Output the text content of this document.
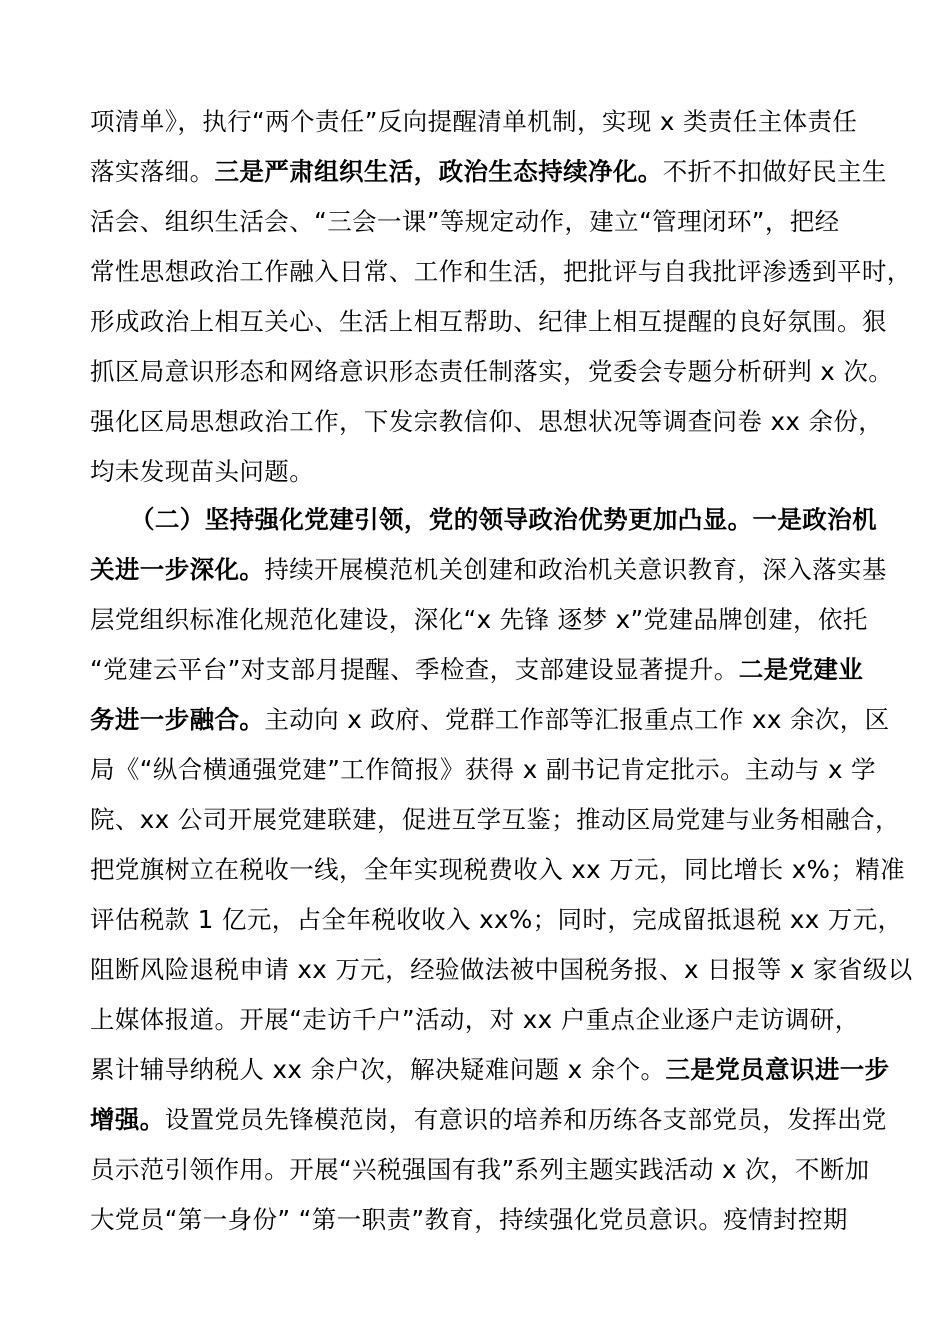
项清单》，执行“两个责任”反向提醒清单机制，实现 x 类责任主体责任
落实落细。三是严肃组织生活，政治生态持续净化。不折不扣做好民主生
活会、组织生活会、“三会一课”等规定动作，建立“管理闭环”，把经
常性思想政治工作融入日常、工作和生活，把批评与自我批评渗透到平时，
形成政治上相互关心、生活上相互帮助、纪律上相互提醒的良好氛围。狠
抓区局意识形态和网络意识形态责任制落实，党委会专题分析研判 x 次。
强化区局思想政治工作，下发宗教信仰、思想状况等调查问卷 xx 余份，
均未发现苗头问题。
（二）坚持强化党建引领，党的领导政治优势更加凸显。一是政治机
关进一步深化。持续开展模范机关创建和政治机关意识教育，深入落实基
层党组织标准化规范化建设，深化“x 先锋 逐梦 x”党建品牌创建，依托
“党建云平台”对支部月提醒、季检查，支部建设显著提升。二是党建业
务进一步融合。主动向 x 政府、党群工作部等汇报重点工作 xx 余次，区
局《“纵合横通强党建”工作简报》获得 x 副书记肯定批示。主动与 x 学
院、xx 公司开展党建联建，促进互学互鉴；推动区局党建与业务相融合，
把党旗树立在税收一线，全年实现税费收入 xx 万元，同比增长 x%；精准
评估税款 1 亿元，占全年税收收入 xx%；同时，完成留抵退税 xx 万元，
阻断风险退税申请 xx 万元，经验做法被中国税务报、x 日报等 x 家省级以
上媒体报道。开展“走访千户”活动，对 xx 户重点企业逐户走访调研，
累计辅导纳税人 xx 余户次，解决疑难问题 x 余个。三是党员意识进一步
增强。设置党员先锋模范岗，有意识的培养和历练各支部党员，发挥出党
员示范引领作用。开展“兴税强国有我”系列主题实践活动 x 次，不断加
大党员“第一身份” “第一职责”教育，持续强化党员意识。疫情封控期
